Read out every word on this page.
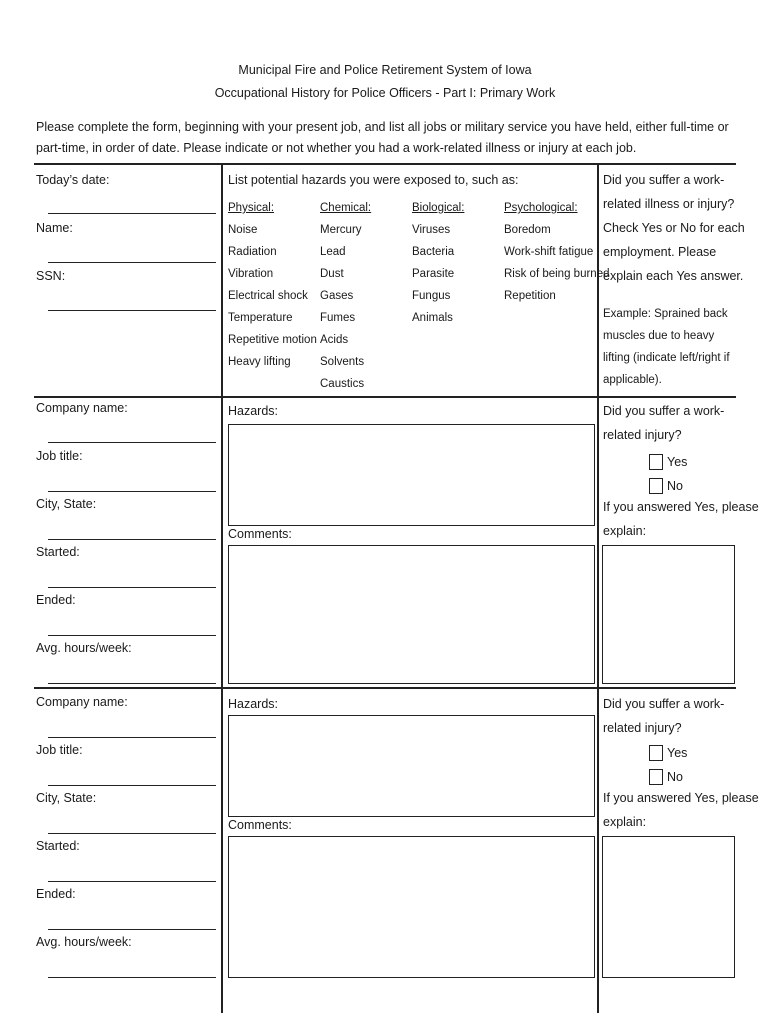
Municipal Fire and Police Retirement System of Iowa
Occupational History for Police Officers - Part I: Primary Work
Please complete the form, beginning with your present job, and list all jobs or military service you have held, either full-time or part-time, in order of date. Please indicate or not whether you had a work-related illness or injury at each job.
Today’s date:
Name:
SSN:
List potential hazards you were exposed to, such as:
Physical:
Noise
Radiation
Vibration
Electrical shock
Temperature
Repetitive motion
Heavy lifting
Chemical:
Mercury
Lead
Dust
Gases
Fumes
Acids
Solvents
Caustics
Biological:
Viruses
Bacteria
Parasite
Fungus
Animals
Psychological:
Boredom
Work-shift fatigue
Risk of being burned
Repetition
Did you suffer a work-
related illness or injury?
Check Yes or No for each
employment. Please
explain each Yes answer.
Example: Sprained back
muscles due to heavy
lifting (indicate left/right if
applicable).
Company name:
Job title:
City, State:
Started:
Ended:
Avg. hours/week:
Hazards:
Comments:
Did you suffer a work-
related injury?
Yes
No
If you answered Yes, please
explain:
Company name:
Job title:
City, State:
Started:
Ended:
Avg. hours/week:
Hazards:
Comments:
Did you suffer a work-
related injury?
Yes
No
If you answered Yes, please
explain:
